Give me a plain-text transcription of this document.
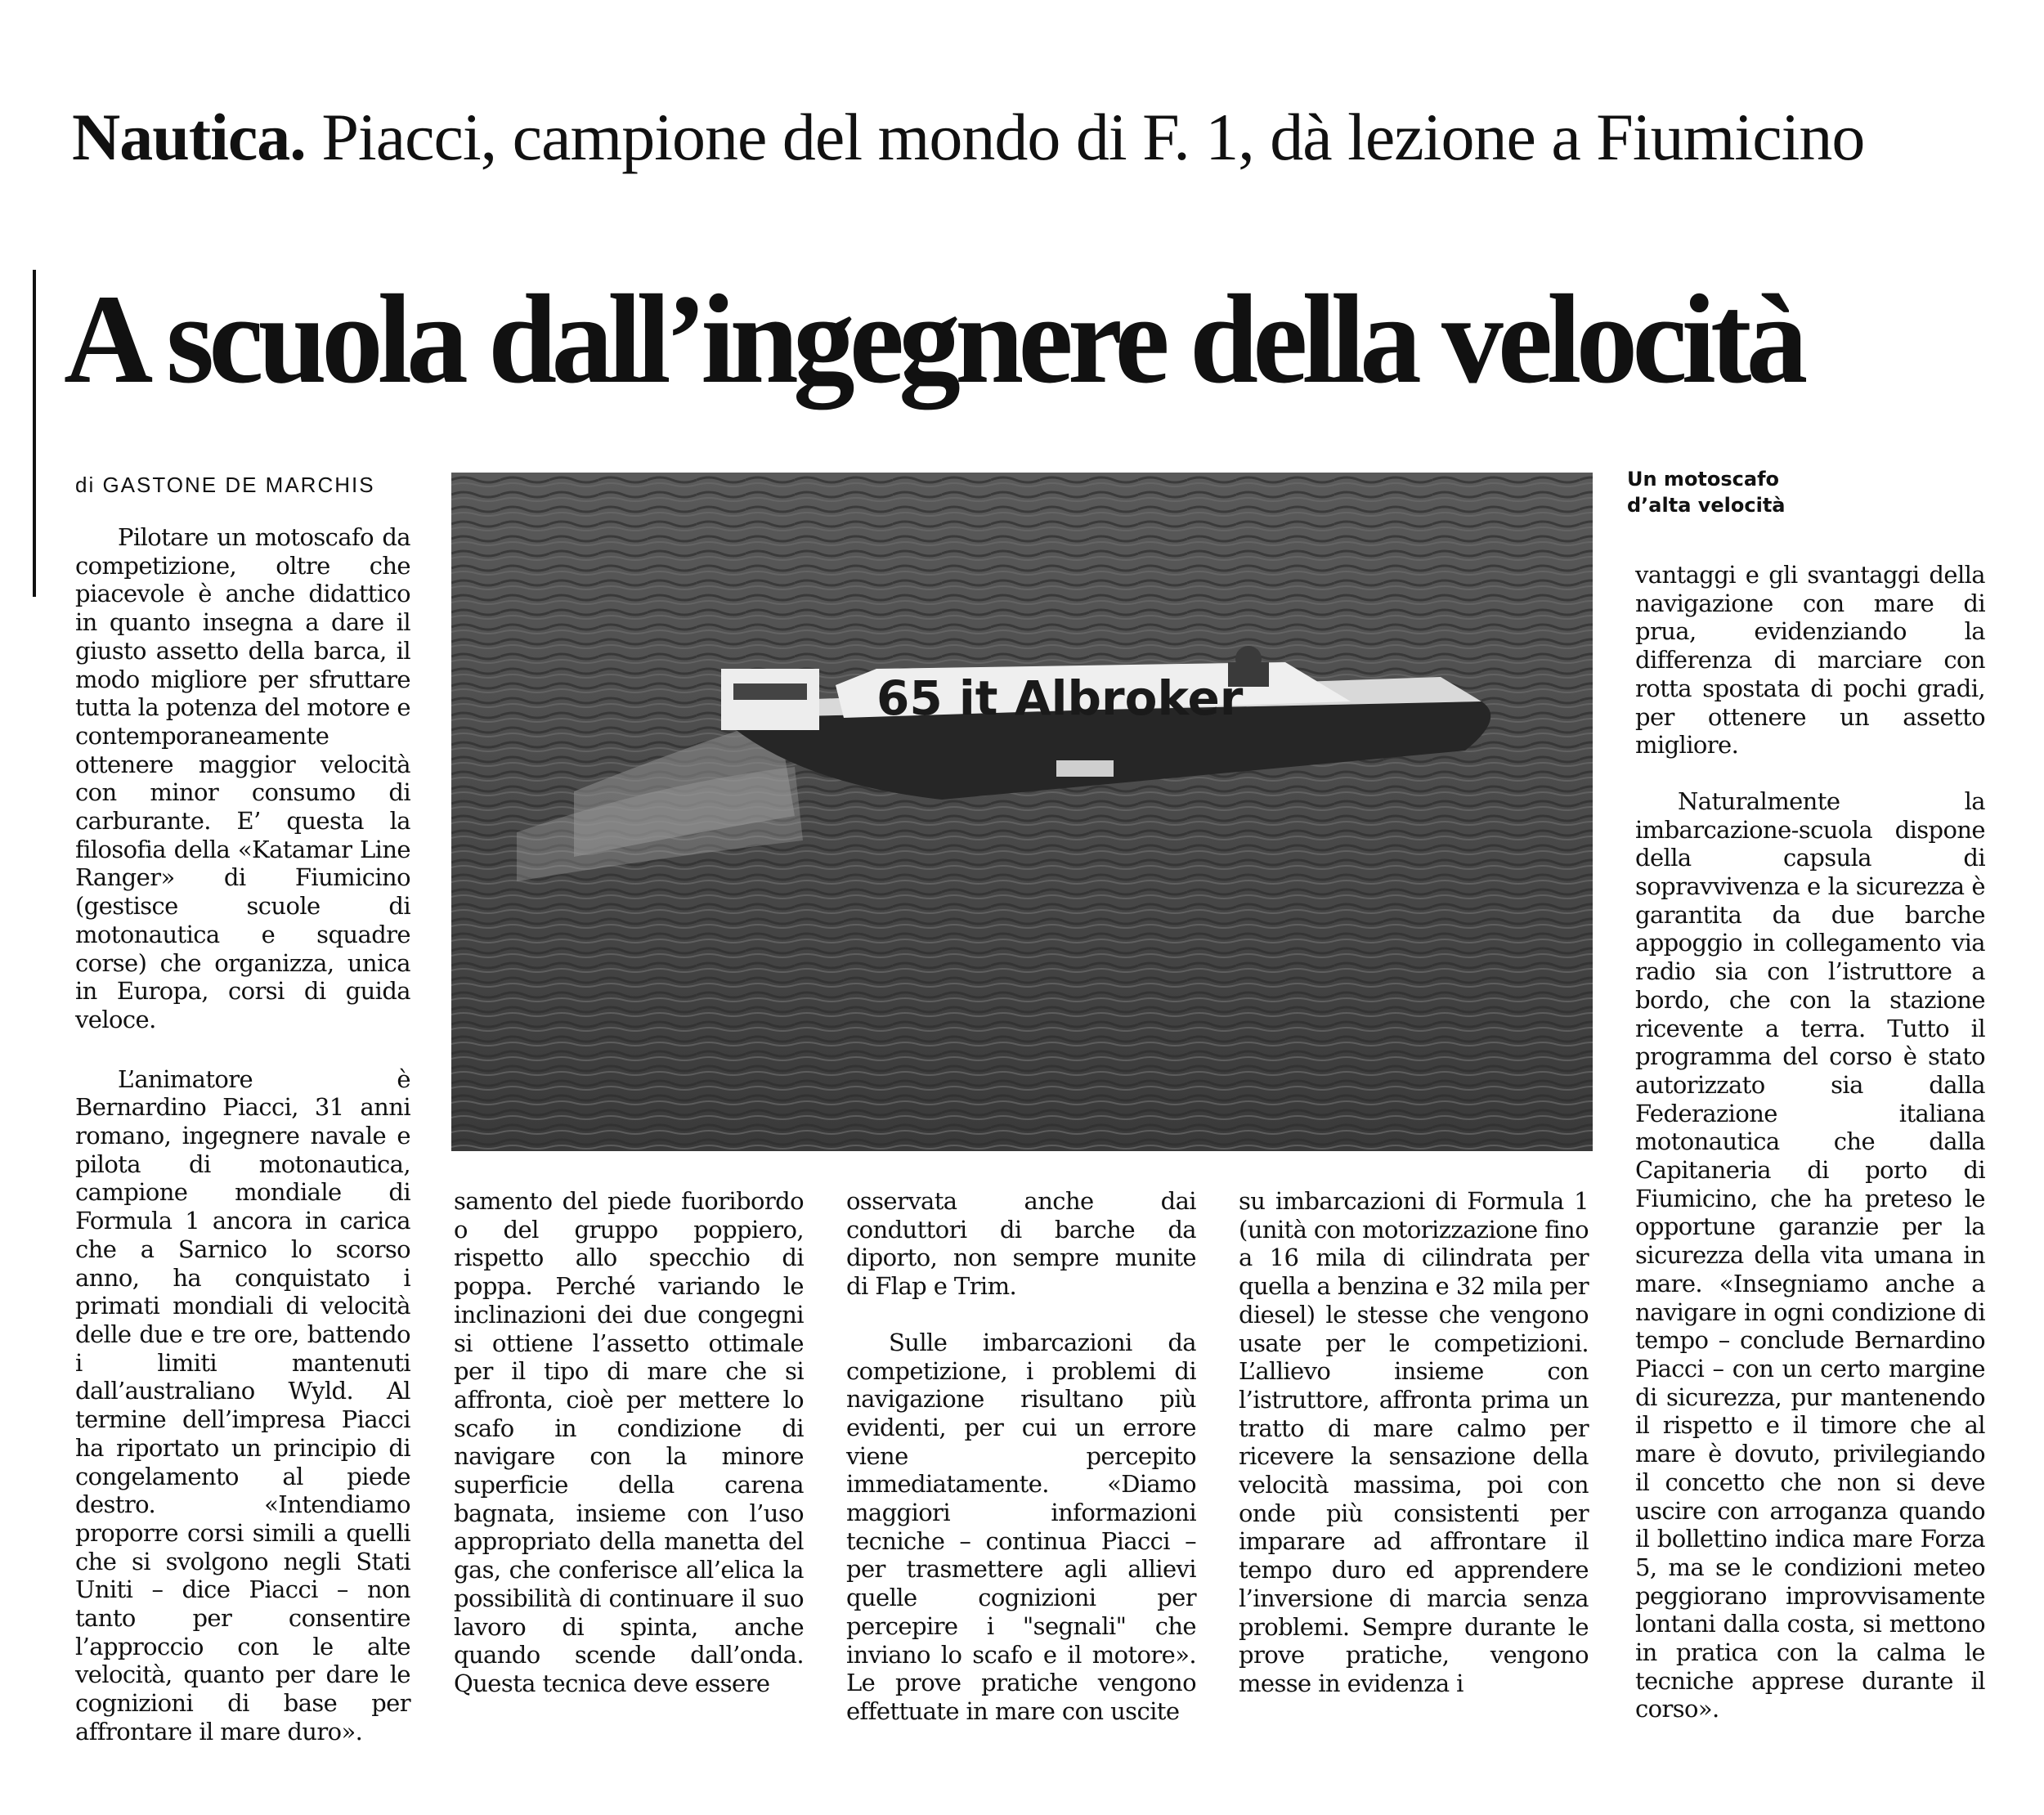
Nautica. Piacci, campione del mondo di F. 1, dà lezione a Fiumicino
A scuola dall’ingegnere della velocità
di GASTONE DE MARCHIS	Un motoscafo d’alta velocità
65 it Albroker

Pilotare un motoscafo da competizione, oltre che piacevole è anche didattico in quanto insegna a dare il giusto assetto della barca, il modo migliore per sfruttare tutta la potenza del motore e contemporaneamente ottenere maggior velocità con minor consumo di carburante. E’ questa la filosofia della «Katamar Line Ranger» di Fiumicino (gestisce scuole di motonautica e squadre corse) che organizza, unica in Europa, corsi di guida veloce.

L’animatore è Bernardino Piacci, 31 anni romano, ingegnere navale e pilota di motonautica, campione mondiale di Formula 1 ancora in carica che a Sarnico lo scorso anno, ha conquistato i primati mondiali di velocità delle due e tre ore, battendo i limiti mantenuti dall’australiano Wyld. Al termine dell’impresa Piacci ha riportato un principio di congelamento al piede destro. «Intendiamo proporre corsi simili a quelli che si svolgono negli Stati Uniti – dice Piacci – non tanto per consentire l’approccio con le alte velocità, quanto per dare le cognizioni di base per affrontare il mare duro».

samento del piede fuoribordo o del gruppo poppiero, rispetto allo specchio di poppa. Perché variando le inclinazioni dei due congegni si ottiene l’assetto ottimale per il tipo di mare che si affronta, cioè per mettere lo scafo in condizione di navigare con la minore superficie della carena bagnata, insieme con l’uso appropriato della manetta del gas, che conferisce all’elica la possibilità di continuare il suo lavoro di spinta, anche quando scende dall’onda. Questa tecnica deve essere

osservata anche dai conduttori di barche da diporto, non sempre munite di Flap e Trim.

Sulle imbarcazioni da competizione, i problemi di navigazione risultano più evidenti, per cui un errore viene percepito immediatamente. «Diamo maggiori informazioni tecniche – continua Piacci – per trasmettere agli allievi quelle cognizioni per percepire i "segnali" che inviano lo scafo e il motore». Le prove pratiche vengono effettuate in mare con uscite

su imbarcazioni di Formula 1 (unità con motorizzazione fino a 16 mila di cilindrata per quella a benzina e 32 mila per diesel) le stesse che vengono usate per le competizioni. L’allievo insieme con l’istruttore, affronta prima un tratto di mare calmo per ricevere la sensazione della velocità massima, poi con onde più consistenti per imparare ad affrontare il tempo duro ed apprendere l’inversione di marcia senza problemi. Sempre durante le prove pratiche, vengono messe in evidenza i

vantaggi e gli svantaggi della navigazione con mare di prua, evidenziando la differenza di marciare con rotta spostata di pochi gradi, per ottenere un assetto migliore.

Naturalmente la imbarcazione-scuola dispone della capsula di sopravvivenza e la sicurezza è garantita da due barche appoggio in collegamento via radio sia con l’istruttore a bordo, che con la stazione ricevente a terra. Tutto il programma del corso è stato autorizzato sia dalla Federazione italiana motonautica che dalla Capitaneria di porto di Fiumicino, che ha preteso le opportune garanzie per la sicurezza della vita umana in mare. «Insegniamo anche a navigare in ogni condizione di tempo – conclude Bernardino Piacci – con un certo margine di sicurezza, pur mantenendo il rispetto e il timore che al mare è dovuto, privilegiando il concetto che non si deve uscire con arroganza quando il bollettino indica mare Forza 5, ma se le condizioni meteo peggiorano improvvisamente lontani dalla costa, si mettono in pratica con la calma le tecniche apprese durante il corso».
